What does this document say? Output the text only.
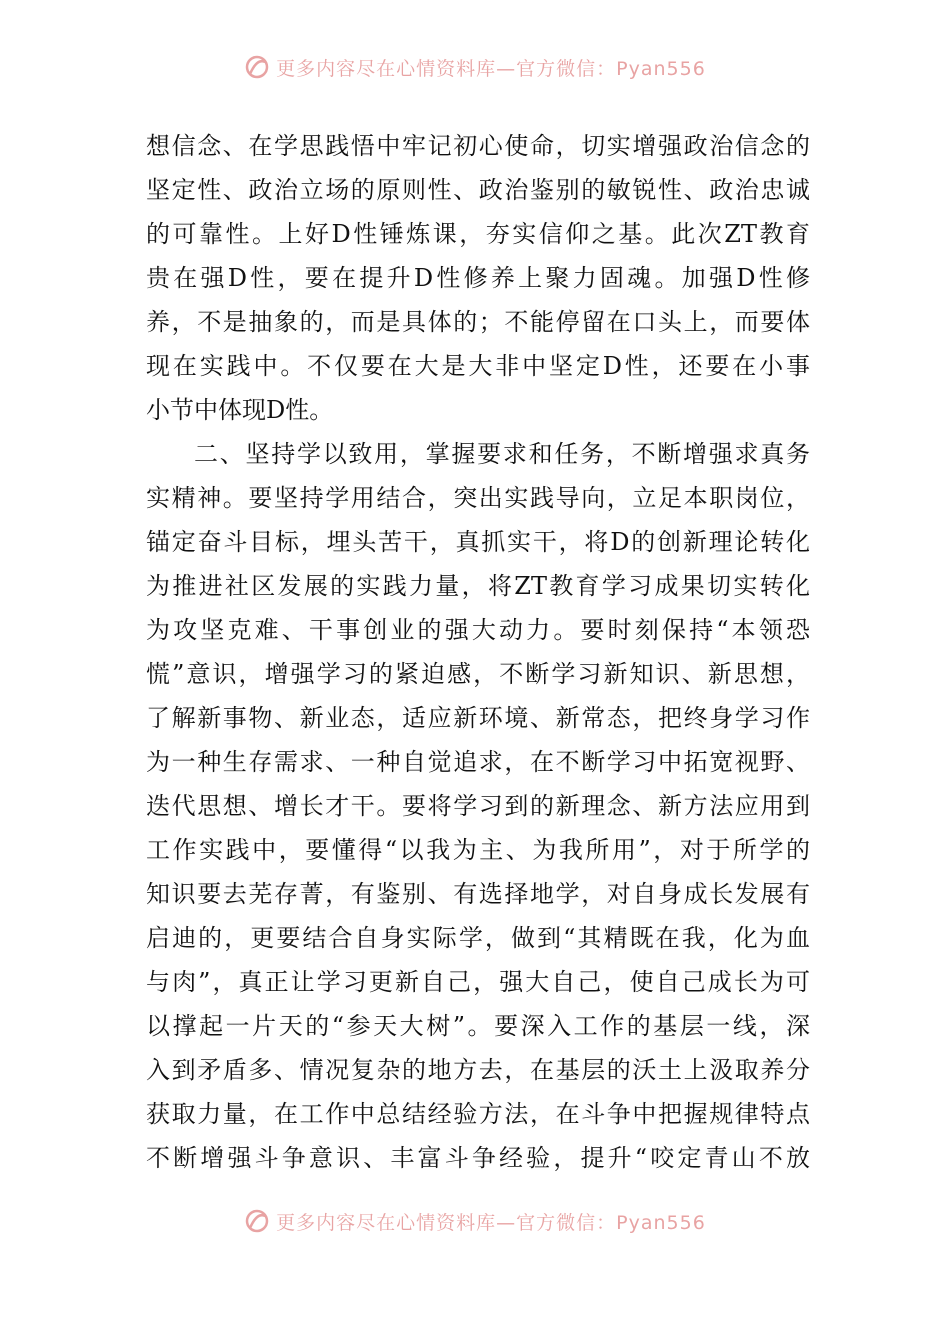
更多内容尽在心情资料库—官方微信：Pyan556
想信念、在学思践悟中牢记初心使命，切实增强政治信念的
坚定性、政治立场的原则性、政治鉴别的敏锐性、政治忠诚
的可靠性。上好D性锤炼课，夯实信仰之基。此次ZT教育
贵在强D性，要在提升D性修养上聚力固魂。加强D性修
养，不是抽象的，而是具体的；不能停留在口头上，而要体
现在实践中。不仅要在大是大非中坚定D性，还要在小事
小节中体现D性。
二、坚持学以致用，掌握要求和任务，不断增强求真务
实精神。要坚持学用结合，突出实践导向，立足本职岗位，
锚定奋斗目标，埋头苦干，真抓实干，将D的创新理论转化
为推进社区发展的实践力量，将ZT教育学习成果切实转化
为攻坚克难、干事创业的强大动力。要时刻保持“本领恐
慌”意识，增强学习的紧迫感，不断学习新知识、新思想，
了解新事物、新业态，适应新环境、新常态，把终身学习作
为一种生存需求、一种自觉追求，在不断学习中拓宽视野、
迭代思想、增长才干。要将学习到的新理念、新方法应用到
工作实践中，要懂得“以我为主、为我所用”，对于所学的
知识要去芜存菁，有鉴别、有选择地学，对自身成长发展有
启迪的，更要结合自身实际学，做到“其精既在我，化为血
与肉”，真正让学习更新自己，强大自己，使自己成长为可
以撑起一片天的“参天大树”。要深入工作的基层一线，深
入到矛盾多、情况复杂的地方去，在基层的沃土上汲取养分
获取力量，在工作中总结经验方法，在斗争中把握规律特点
不断增强斗争意识、丰富斗争经验，提升“咬定青山不放
更多内容尽在心情资料库—官方微信：Pyan556
